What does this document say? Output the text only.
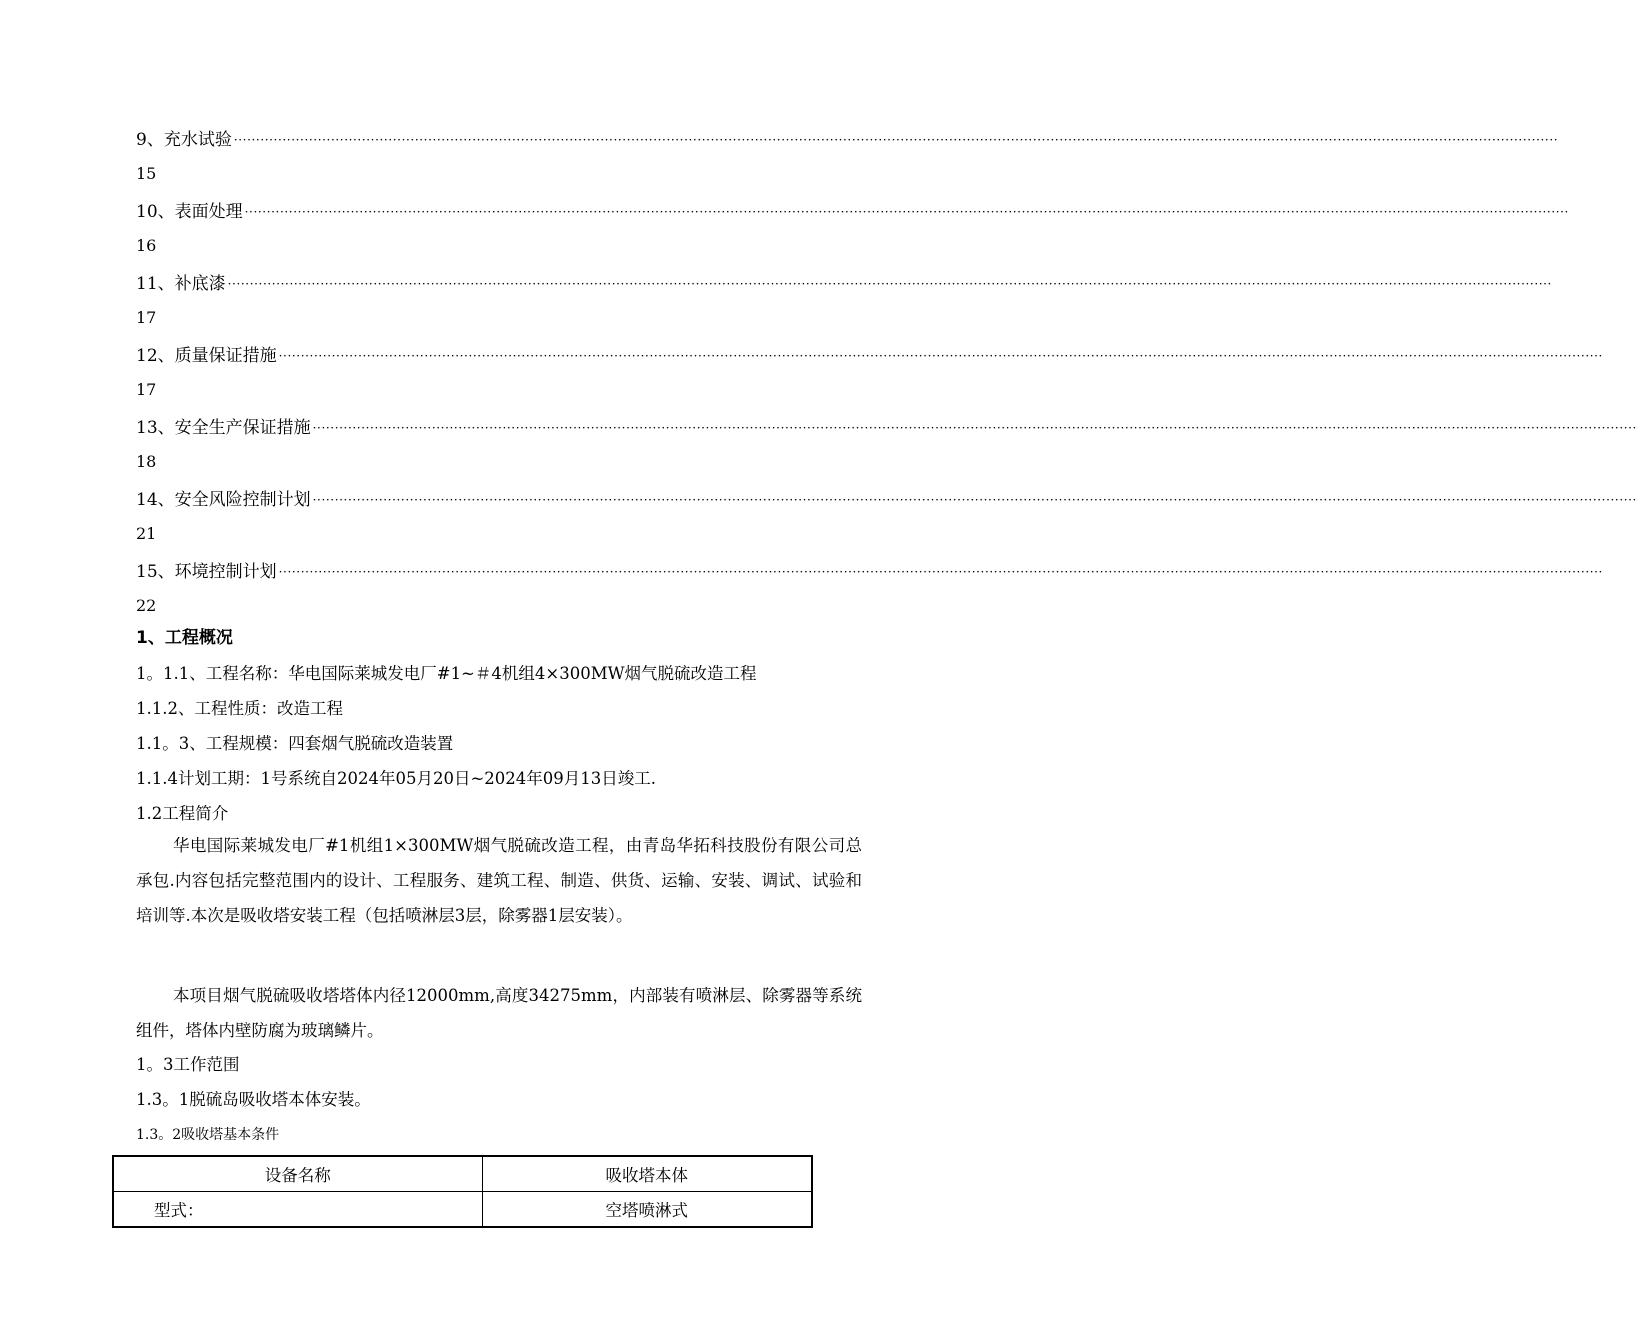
9、充水试验 ············································································································································································································································································································
15
10、表面处理 ············································································································································································································································································································
16
11、补底漆 ············································································································································································································································································································
17
12、质量保证措施 ············································································································································································································································································································
17
13、安全生产保证措施 ············································································································································································································································································································
18
14、安全风险控制计划 ············································································································································································································································································································
21
15、环境控制计划 ············································································································································································································································································································
22
1、工程概况
1。1.1、工程名称：华电国际莱城发电厂#1~＃4机组4×300MW烟气脱硫改造工程
1.1.2、工程性质：改造工程
1.1。3、工程规模：四套烟气脱硫改造装置
1.1.4计划工期：1号系统自2024年05月20日~2024年09月13日竣工.
1.2工程简介
华电国际莱城发电厂#1机组1×300MW烟气脱硫改造工程，由青岛华拓科技股份有限公司总承包.内容包括完整范围内的设计、工程服务、建筑工程、制造、供货、运输、安装、调试、试验和培训等.本次是吸收塔安装工程（包括喷淋层3层，除雾器1层安装）。
本项目烟气脱硫吸收塔塔体内径12000mm,高度34275mm，内部装有喷淋层、除雾器等系统组件，塔体内壁防腐为玻璃鳞片。
1。3工作范围
1.3。1脱硫岛吸收塔本体安装。
1.3。2吸收塔基本条件
设备名称	吸收塔本体
型式：	空塔喷淋式
